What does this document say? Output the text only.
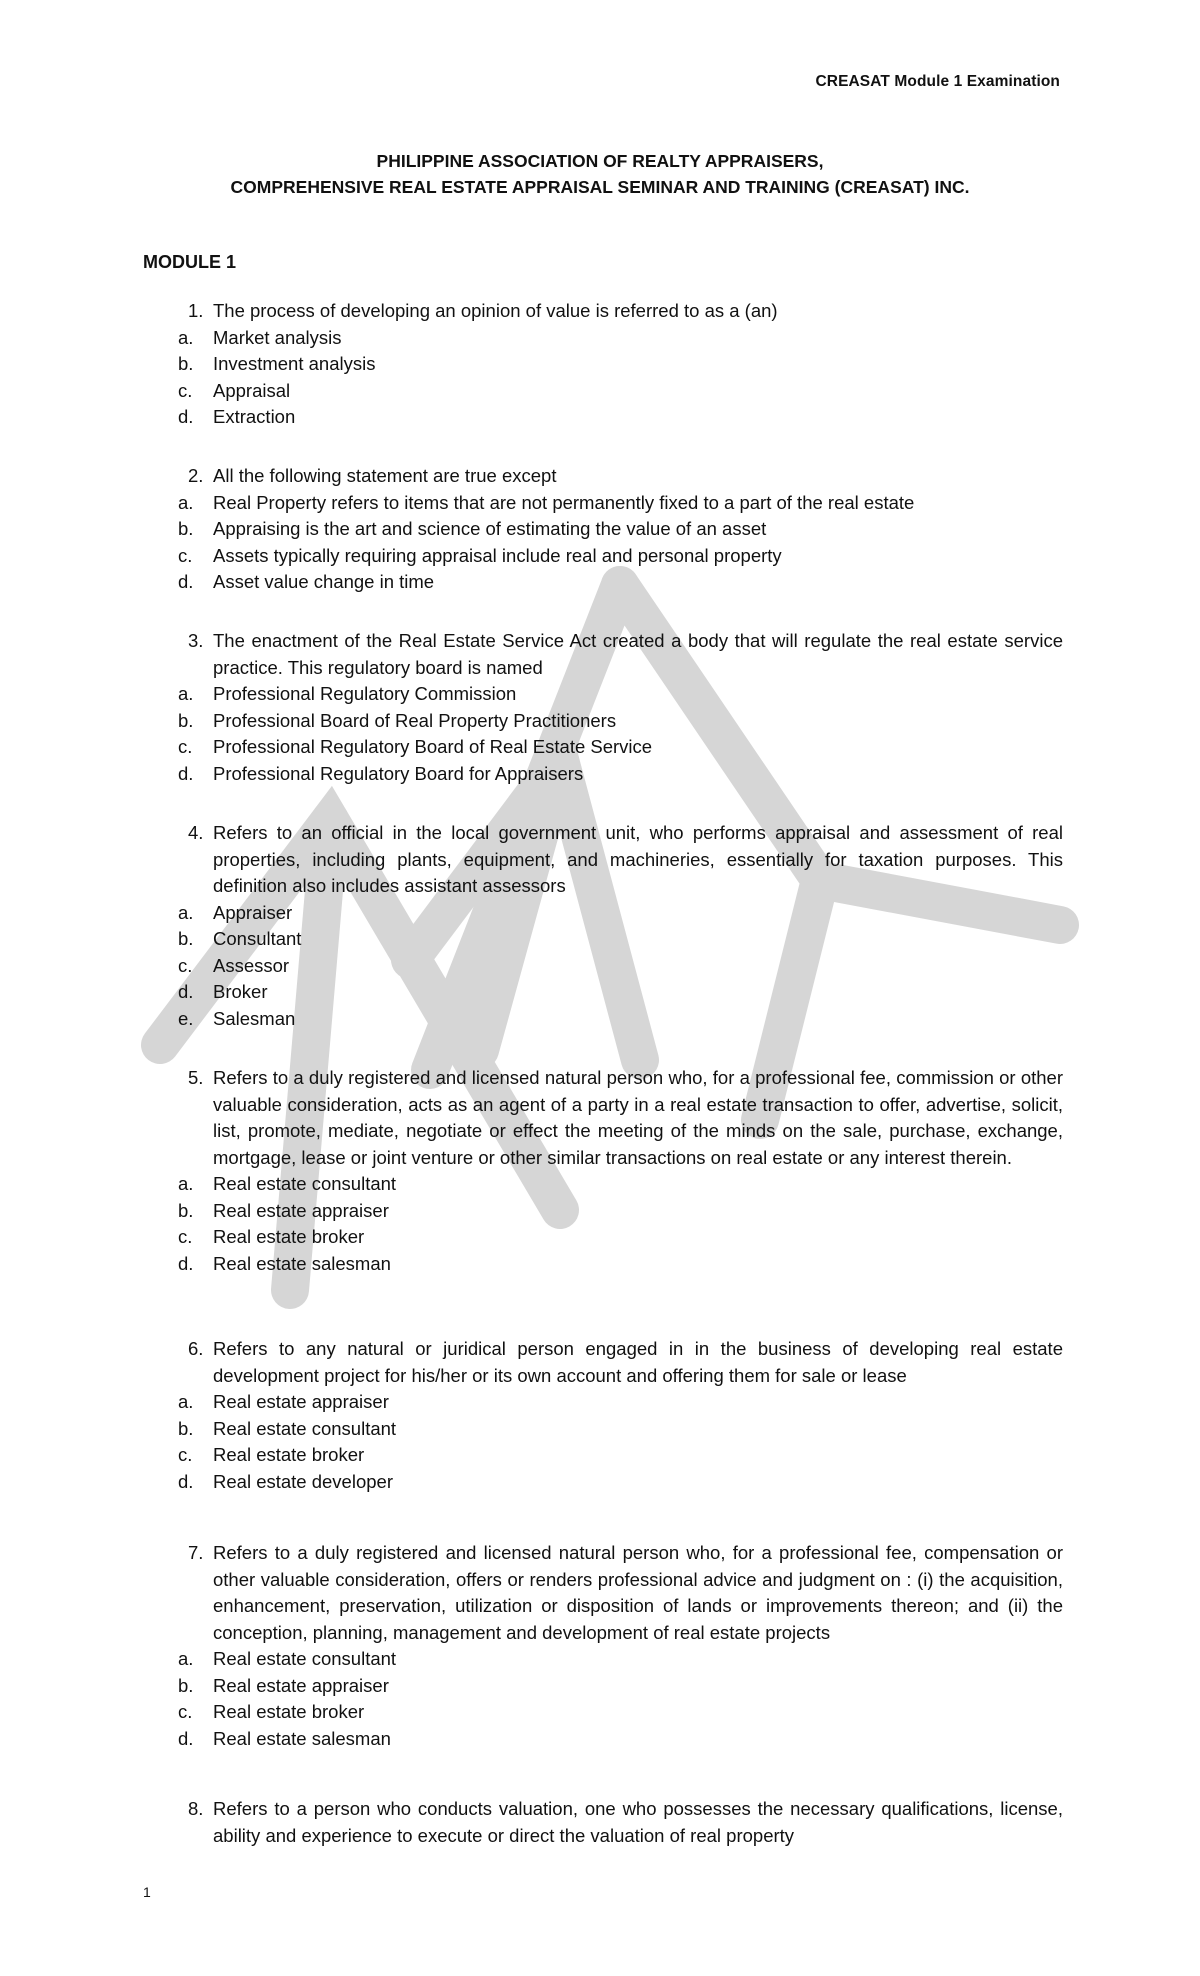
CREASAT Module 1 Examination
PHILIPPINE ASSOCIATION OF REALTY APPRAISERS,
COMPREHENSIVE REAL ESTATE APPRAISAL SEMINAR AND TRAINING (CREASAT) INC.
MODULE 1
1. The process of developing an opinion of value is referred to as a (an)
a.	Market analysis
b.	Investment analysis
c.	Appraisal
d.	Extraction
2. All the following statement are true except
a.	Real Property refers to items that are not permanently fixed to a part of the real estate
b.	Appraising is the art and science of estimating the value of an asset
c.	Assets typically requiring appraisal include real and personal property
d.	Asset value change in time
3. The enactment of the Real Estate Service Act created a body that will regulate the real estate service practice. This regulatory board is named
a.	Professional Regulatory Commission
b.	Professional Board of Real Property Practitioners
c.	Professional Regulatory Board of Real Estate Service
d.	Professional Regulatory Board for Appraisers
4. Refers to an official in the local government unit, who performs appraisal and assessment of real properties, including plants, equipment, and machineries, essentially for taxation purposes. This definition also includes assistant assessors
a.	Appraiser
b.	Consultant
c.	Assessor
d.	Broker
e.	Salesman
5. Refers to a duly registered and licensed natural person who, for a professional fee, commission or other valuable consideration, acts as an agent of a party in a real estate transaction to offer, advertise, solicit, list, promote, mediate, negotiate or effect the meeting of the minds on the sale, purchase, exchange, mortgage, lease or joint venture or other similar transactions on real estate or any interest therein.
a.	Real estate consultant
b.	Real estate appraiser
c.	Real estate broker
d.	Real estate salesman
6. Refers to any natural or juridical person engaged in in the business of developing real estate development project for his/her or its own account and offering them for sale or lease
a.	Real estate appraiser
b.	Real estate consultant
c.	Real estate broker
d.	Real estate developer
7. Refers to a duly registered and licensed natural person who, for a professional fee, compensation or other valuable consideration, offers or renders professional advice and judgment on : (i) the acquisition, enhancement, preservation, utilization or disposition of lands or improvements thereon; and (ii) the conception, planning, management and development of real estate projects
a.	Real estate consultant
b.	Real estate appraiser
c.	Real estate broker
d.	Real estate salesman
8. Refers to a person who conducts valuation, one who possesses the necessary qualifications, license, ability and experience to execute or direct the valuation of real property
1
